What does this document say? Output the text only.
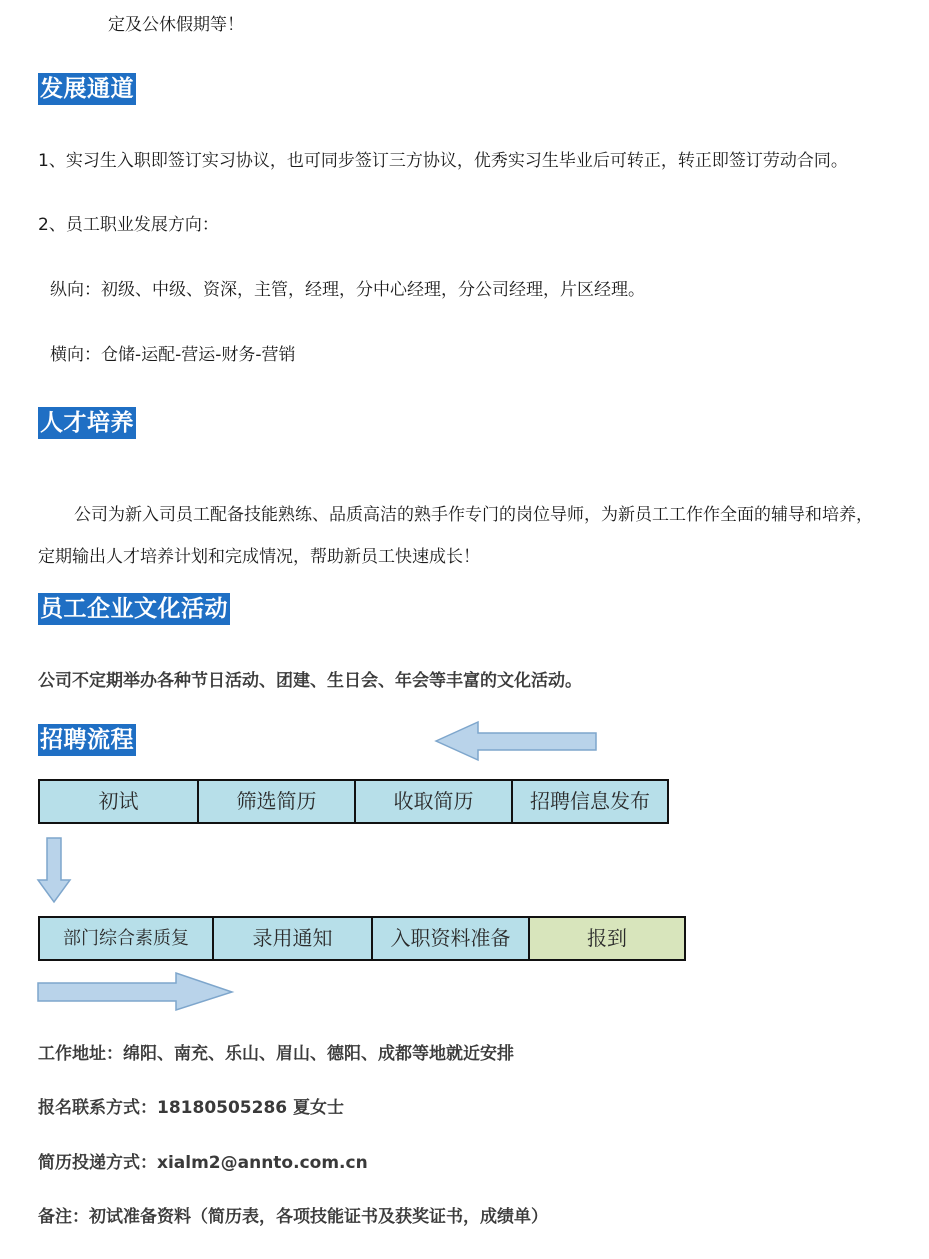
定及公休假期等！
发展通道
1、实习生入职即签订实习协议，也可同步签订三方协议，优秀实习生毕业后可转正，转正即签订劳动合同。
2、员工职业发展方向：
纵向：初级、中级、资深，主管，经理，分中心经理，分公司经理，片区经理。
横向：仓储-运配-营运-财务-营销
人才培养
公司为新入司员工配备技能熟练、品质高洁的熟手作专门的岗位导师，为新员工工作作全面的辅导和培养，
定期输出人才培养计划和完成情况，帮助新员工快速成长！
员工企业文化活动
公司不定期举办各种节日活动、团建、生日会、年会等丰富的文化活动。
招聘流程
初试	筛选简历	收取简历	招聘信息发布
部门综合素质复	录用通知	入职资料准备	报到
工作地址：绵阳、南充、乐山、眉山、德阳、成都等地就近安排
报名联系方式：18180505286 夏女士
简历投递方式：xialm2@annto.com.cn
备注：初试准备资料（简历表，各项技能证书及获奖证书，成绩单）
